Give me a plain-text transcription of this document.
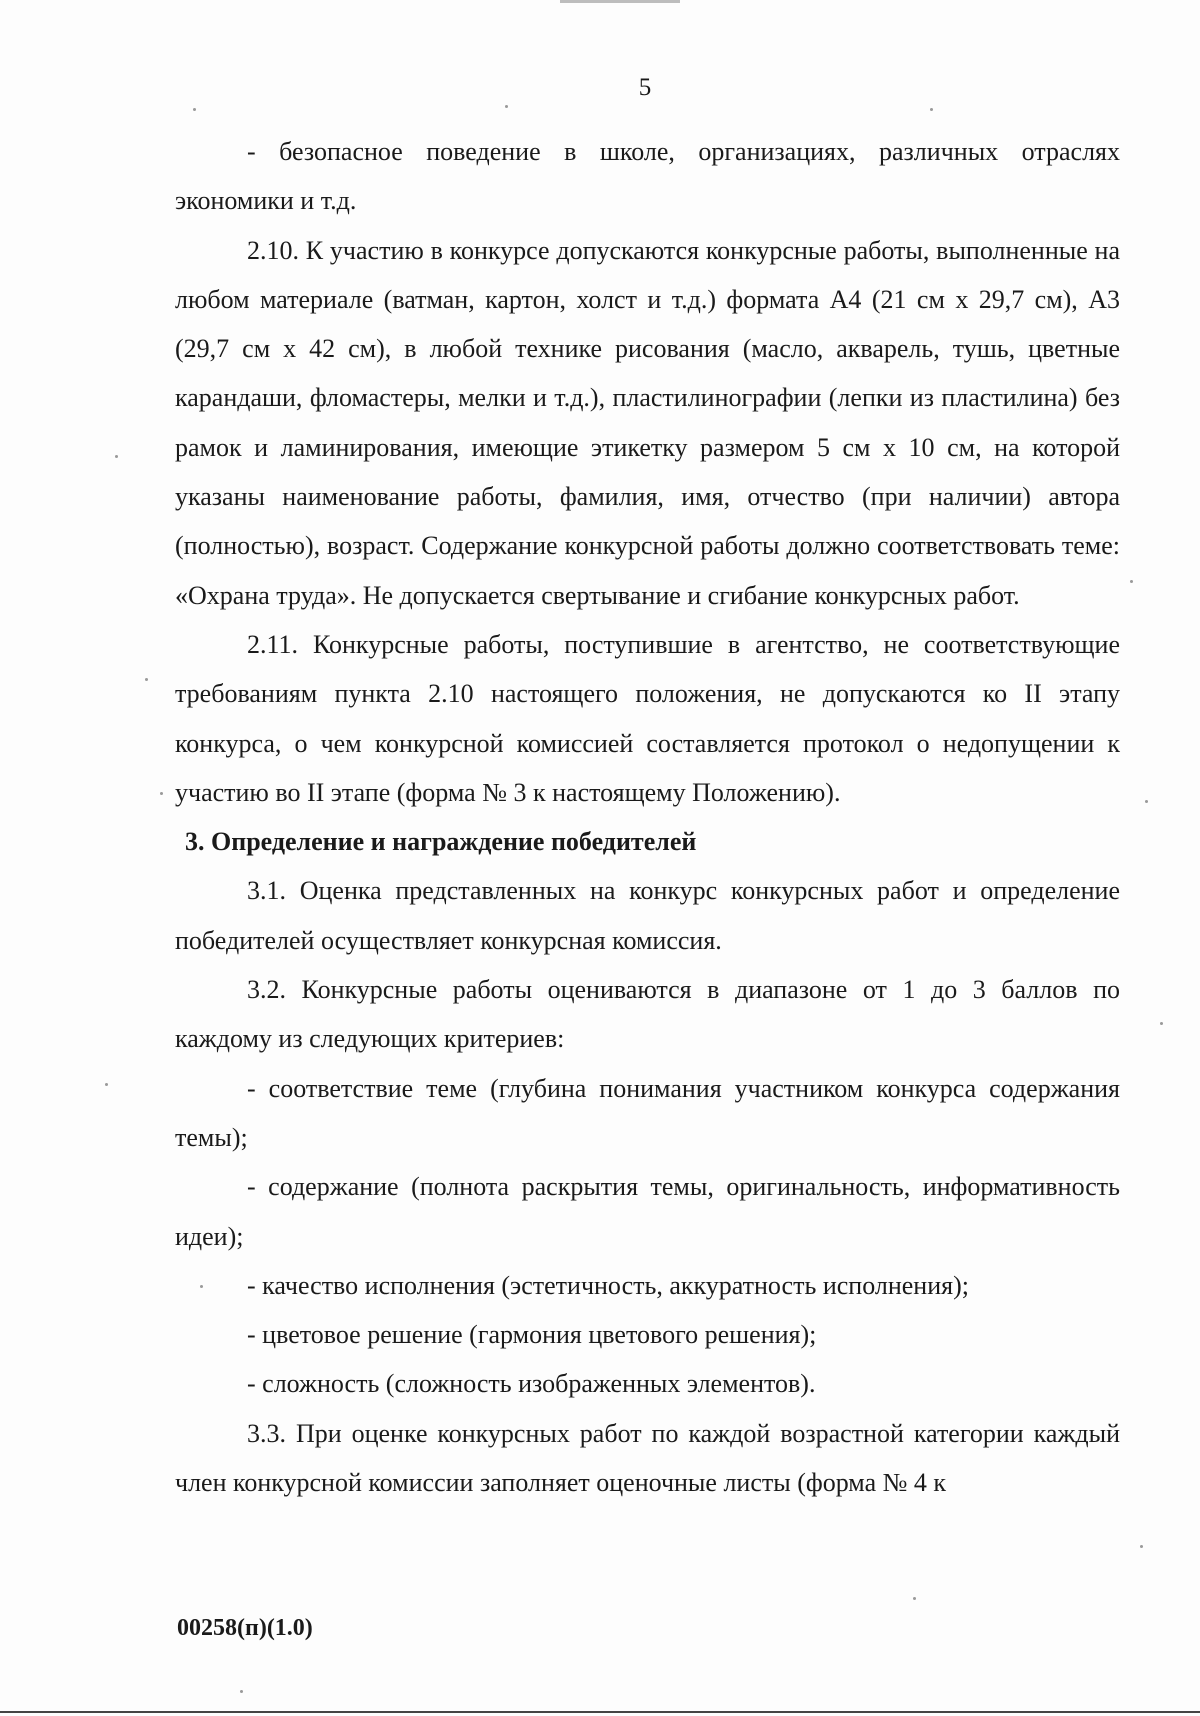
5

- безопасное поведение в школе, организациях, различных отраслях экономики и т.д.

2.10. К участию в конкурсе допускаются конкурсные работы, выполненные на любом материале (ватман, картон, холст и т.д.) формата А4 (21 см х 29,7 см), А3 (29,7 см х 42 см), в любой технике рисования (масло, акварель, тушь, цветные карандаши, фломастеры, мелки и т.д.), пластилинографии (лепки из пластилина) без рамок и ламинирования, имеющие этикетку размером 5 см х 10 см, на которой указаны наименование работы, фамилия, имя, отчество (при наличии) автора (полностью), возраст. Содержание конкурсной работы должно соответствовать теме: «Охрана труда». Не допускается свертывание и сгибание конкурсных работ.

2.11. Конкурсные работы, поступившие в агентство, не соответствующие требованиям пункта 2.10 настоящего положения, не допускаются ко II этапу конкурса, о чем конкурсной комиссией составляется протокол о недопущении к участию во II этапе (форма № 3 к настоящему Положению).

3. Определение и награждение победителей

3.1. Оценка представленных на конкурс конкурсных работ и определение победителей осуществляет конкурсная комиссия.

3.2. Конкурсные работы оцениваются в диапазоне от 1 до 3 баллов по каждому из следующих критериев:

- соответствие теме (глубина понимания участником конкурса содержания темы);

- содержание (полнота раскрытия темы, оригинальность, информативность идеи);

- качество исполнения (эстетичность, аккуратность исполнения);

- цветовое решение (гармония цветового решения);

- сложность (сложность изображенных элементов).

3.3. При оценке конкурсных работ по каждой возрастной категории каждый член конкурсной комиссии заполняет оценочные листы (форма № 4 к

00258(п)(1.0)
